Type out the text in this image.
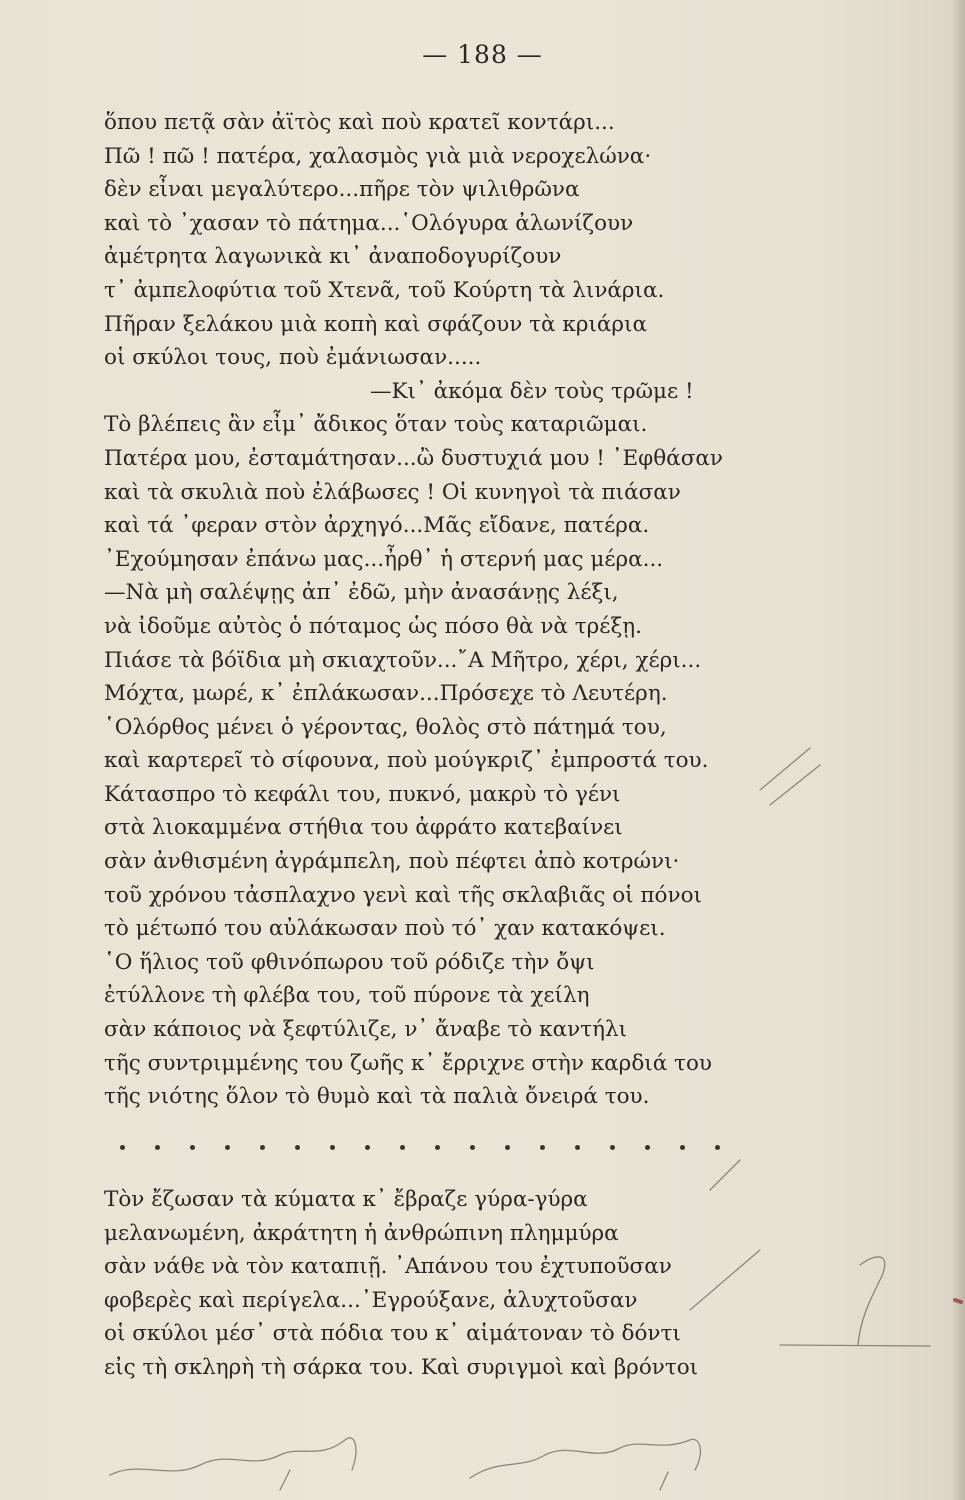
— 188 —
ὅπου πετᾷ σὰν ἀϊτὸς καὶ ποὺ κρατεῖ κοντάρι...
Πῶ ! πῶ ! πατέρα, χαλασμὸς γιὰ μιὰ νεροχελώνα·
δὲν εἶναι μεγαλύτερο...πῆρε τὸν ψιλιθρῶνα
καὶ τὸ ᾿χασαν τὸ πάτημα...῾Ολόγυρα ἀλωνίζουν
ἀμέτρητα λαγωνικὰ κι᾿ ἀναποδογυρίζουν
τ᾿ ἀμπελοφύτια τοῦ Χτενᾶ, τοῦ Κούρτη τὰ λινάρια.
Πῆραν ξελάκου μιὰ κοπὴ καὶ σφάζουν τὰ κριάρια
οἱ σκύλοι τους, ποὺ ἐμάνιωσαν.....
—Κι᾿ ἀκόμα δὲν τοὺς τρῶμε !
Τὸ βλέπεις ἂν εἶμ᾿ ἄδικος ὅταν τοὺς καταριῶμαι.
Πατέρα μου, ἐσταμάτησαν...ὢ δυστυχιά μου ! ᾿Εφθάσαν
καὶ τὰ σκυλιὰ ποὺ ἐλάβωσες ! Οἱ κυνηγοὶ τὰ πιάσαν
καὶ τά ᾿φεραν στὸν ἀρχηγό...Μᾶς εἴδανε, πατέρα.
᾿Εχούμησαν ἐπάνω μας...ἦρθ᾿ ἡ στερνή μας μέρα...
—Νὰ μὴ σαλέψῃς ἀπ᾿ ἐδῶ, μὴν ἀνασάνῃς λέξι,
νὰ ἰδοῦμε αὐτὸς ὁ πόταμος ὡς πόσο θὰ νὰ τρέξῃ.
Πιάσε τὰ βόϊδια μὴ σκιαχτοῦν...῎Α Μῆτρο, χέρι, χέρι...
Μόχτα, μωρέ, κ᾿ ἐπλάκωσαν...Πρόσεχε τὸ Λευτέρη.
῾Ολόρθος μένει ὁ γέροντας, θολὸς στὸ πάτημά του,
καὶ καρτερεῖ τὸ σίφουνα, ποὺ μούγκριζ᾿ ἐμπροστά του.
Κάτασπρο τὸ κεφάλι του, πυκνό, μακρὺ τὸ γένι
στὰ λιοκαμμένα στήθια του ἀφράτο κατεβαίνει
σὰν ἀνθισμένη ἀγράμπελη, ποὺ πέφτει ἀπὸ κοτρώνι·
τοῦ χρόνου τἀσπλαχνο γενὶ καὶ τῆς σκλαβιᾶς οἱ πόνοι
τὸ μέτωπό του αὐλάκωσαν ποὺ τό᾿ χαν κατακόψει.
῾Ο ἥλιος τοῦ φθινόπωρου τοῦ ρόδιζε τὴν ὄψι
ἐτύλλονε τὴ φλέβα του, τοῦ πύρονε τὰ χείλη
σὰν κάποιος νὰ ξεφτύλιζε, ν᾿ ἄναβε τὸ καντήλι
τῆς συντριμμένης του ζωῆς κ᾿ ἔρριχνε στὴν καρδιά του
τῆς νιότης ὅλον τὸ θυμὸ καὶ τὰ παλιὰ ὄνειρά του.
Τὸν ἔζωσαν τὰ κύματα κ᾿ ἔβραζε γύρα-γύρα
μελανωμένη, ἀκράτητη ἡ ἀνθρώπινη πλημμύρα
σὰν νάθε νὰ τὸν καταπιῇ. ᾿Απάνου του ἐχτυποῦσαν
φοβερὲς καὶ περίγελα...᾿Εγρούξανε, ἀλυχτοῦσαν
οἱ σκύλοι μέσ᾿ στὰ πόδια του κ᾿ αἱμάτοναν τὸ δόντι
εἰς τὴ σκληρὴ τὴ σάρκα του. Καὶ συριγμοὶ καὶ βρόντοι
